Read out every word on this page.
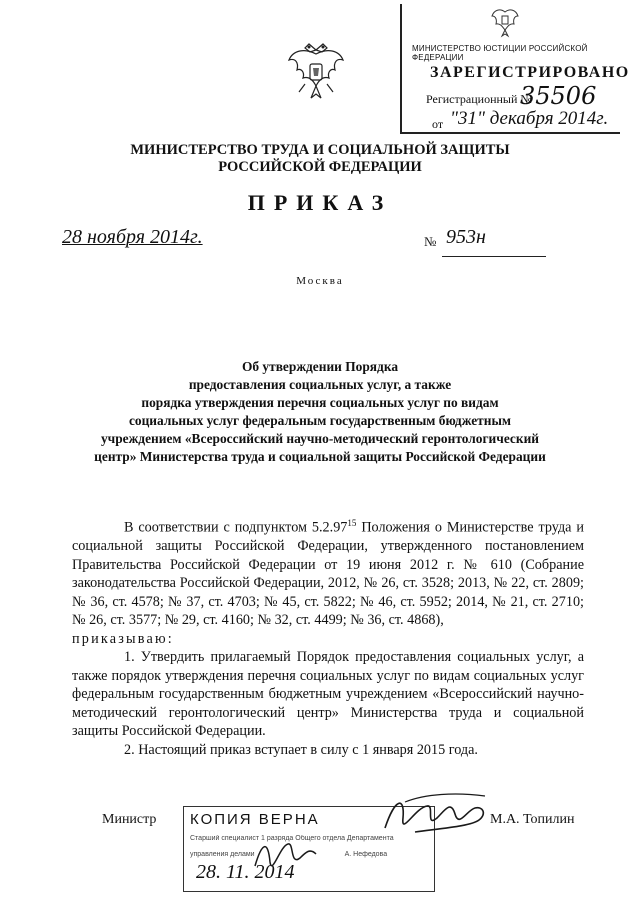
МИНИСТЕРСТВО ЮСТИЦИИ РОССИЙСКОЙ ФЕДЕРАЦИИ
ЗАРЕГИСТРИРОВАНО
Регистрационный №
35506
от "31" декабря 2014г.
МИНИСТЕРСТВО ТРУДА И СОЦИАЛЬНОЙ ЗАЩИТЫ
РОССИЙСКОЙ ФЕДЕРАЦИИ
ПРИКАЗ
28 ноября 2014г.	№ 953н
Москва
Об утверждении Порядка
предоставления социальных услуг, а также
порядка утверждения перечня социальных услуг по видам
социальных услуг федеральным государственным бюджетным
учреждением «Всероссийский научно-методический геронтологический
центр» Министерства труда и социальной защиты Российской Федерации

В соответствии с подпунктом 5.2.97$^{15}$ Положения о Министерстве труда и социальной защиты Российской Федерации, утвержденного постановлением Правительства Российской Федерации от 19 июня 2012 г. № 610 (Собрание законодательства Российской Федерации, 2012, № 26, ст. 3528; 2013, № 22, ст. 2809; № 36, ст. 4578; № 37, ст. 4703; № 45, ст. 5822; № 46, ст. 5952; 2014, № 21, ст. 2710; № 26, ст. 3577; № 29, ст. 4160; № 32, ст. 4499; № 36, ст. 4868),

приказываю:

1. Утвердить прилагаемый Порядок предоставления социальных услуг, а также порядок утверждения перечня социальных услуг по видам социальных услуг федеральным государственным бюджетным учреждением «Всероссийский научно-методический геронтологический центр» Министерства труда и социальной защиты Российской Федерации.

2. Настоящий приказ вступает в силу с 1 января 2015 года.

Министр	М.А. Топилин
КОПИЯ ВЕРНА
Старший специалист 1 разряда Общего отдела Департамента
управления делами	А. Нефедова
28. 11. 2014
